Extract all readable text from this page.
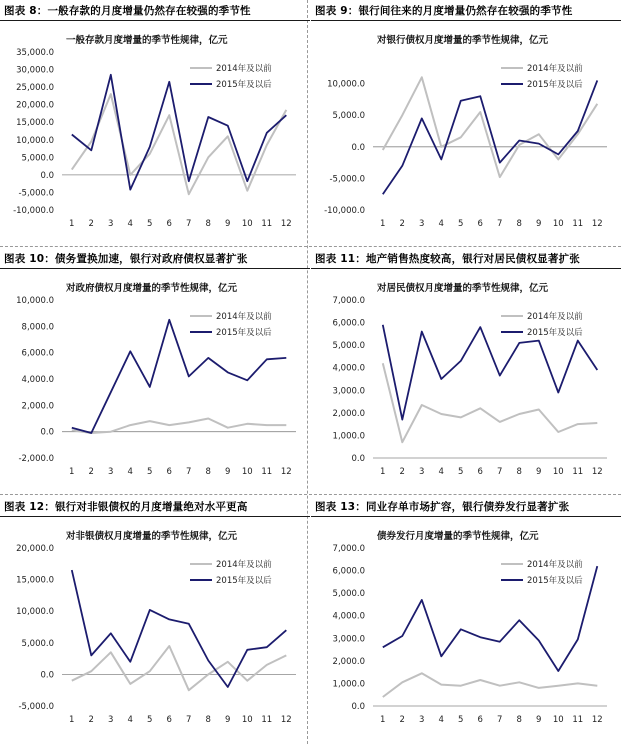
图表 8：一般存款的月度增量仍然存在较强的季节性
一般存款月度增量的季节性规律，亿元
-10,000.0
-5,000.0
0.0
5,000.0
10,000.0
15,000.0
20,000.0
25,000.0
30,000.0
35,000.0
1 2 3 4 5 6 7 8 9 10 11 12
2014年及以前
2015年及以后
图表 9：银行间往来的月度增量仍然存在较强的季节性
对银行债权月度增量的季节性规律，亿元
-10,000.0
-5,000.0
0.0
5,000.0
10,000.0
1 2 3 4 5 6 7 8 9 10 11 12
2014年及以前
2015年及以后
图表 10：债务置换加速，银行对政府债权显著扩张
对政府债权月度增量的季节性规律，亿元
-2,000.0
0.0
2,000.0
4,000.0
6,000.0
8,000.0
10,000.0
1 2 3 4 5 6 7 8 9 10 11 12
2014年及以前
2015年及以后
图表 11：地产销售热度较高，银行对居民债权显著扩张
对居民债权月度增量的季节性规律，亿元
0.0
1,000.0
2,000.0
3,000.0
4,000.0
5,000.0
6,000.0
7,000.0
1 2 3 4 5 6 7 8 9 10 11 12
2014年及以前
2015年及以后
图表 12：银行对非银债权的月度增量绝对水平更高
对非银债权月度增量的季节性规律，亿元
-5,000.0
0.0
5,000.0
10,000.0
15,000.0
20,000.0
1 2 3 4 5 6 7 8 9 10 11 12
2014年及以前
2015年及以后
图表 13：同业存单市场扩容，银行债券发行显著扩张
债券发行月度增量的季节性规律，亿元
0.0
1,000.0
2,000.0
3,000.0
4,000.0
5,000.0
6,000.0
7,000.0
1 2 3 4 5 6 7 8 9 10 11 12
2014年及以前
2015年及以后
